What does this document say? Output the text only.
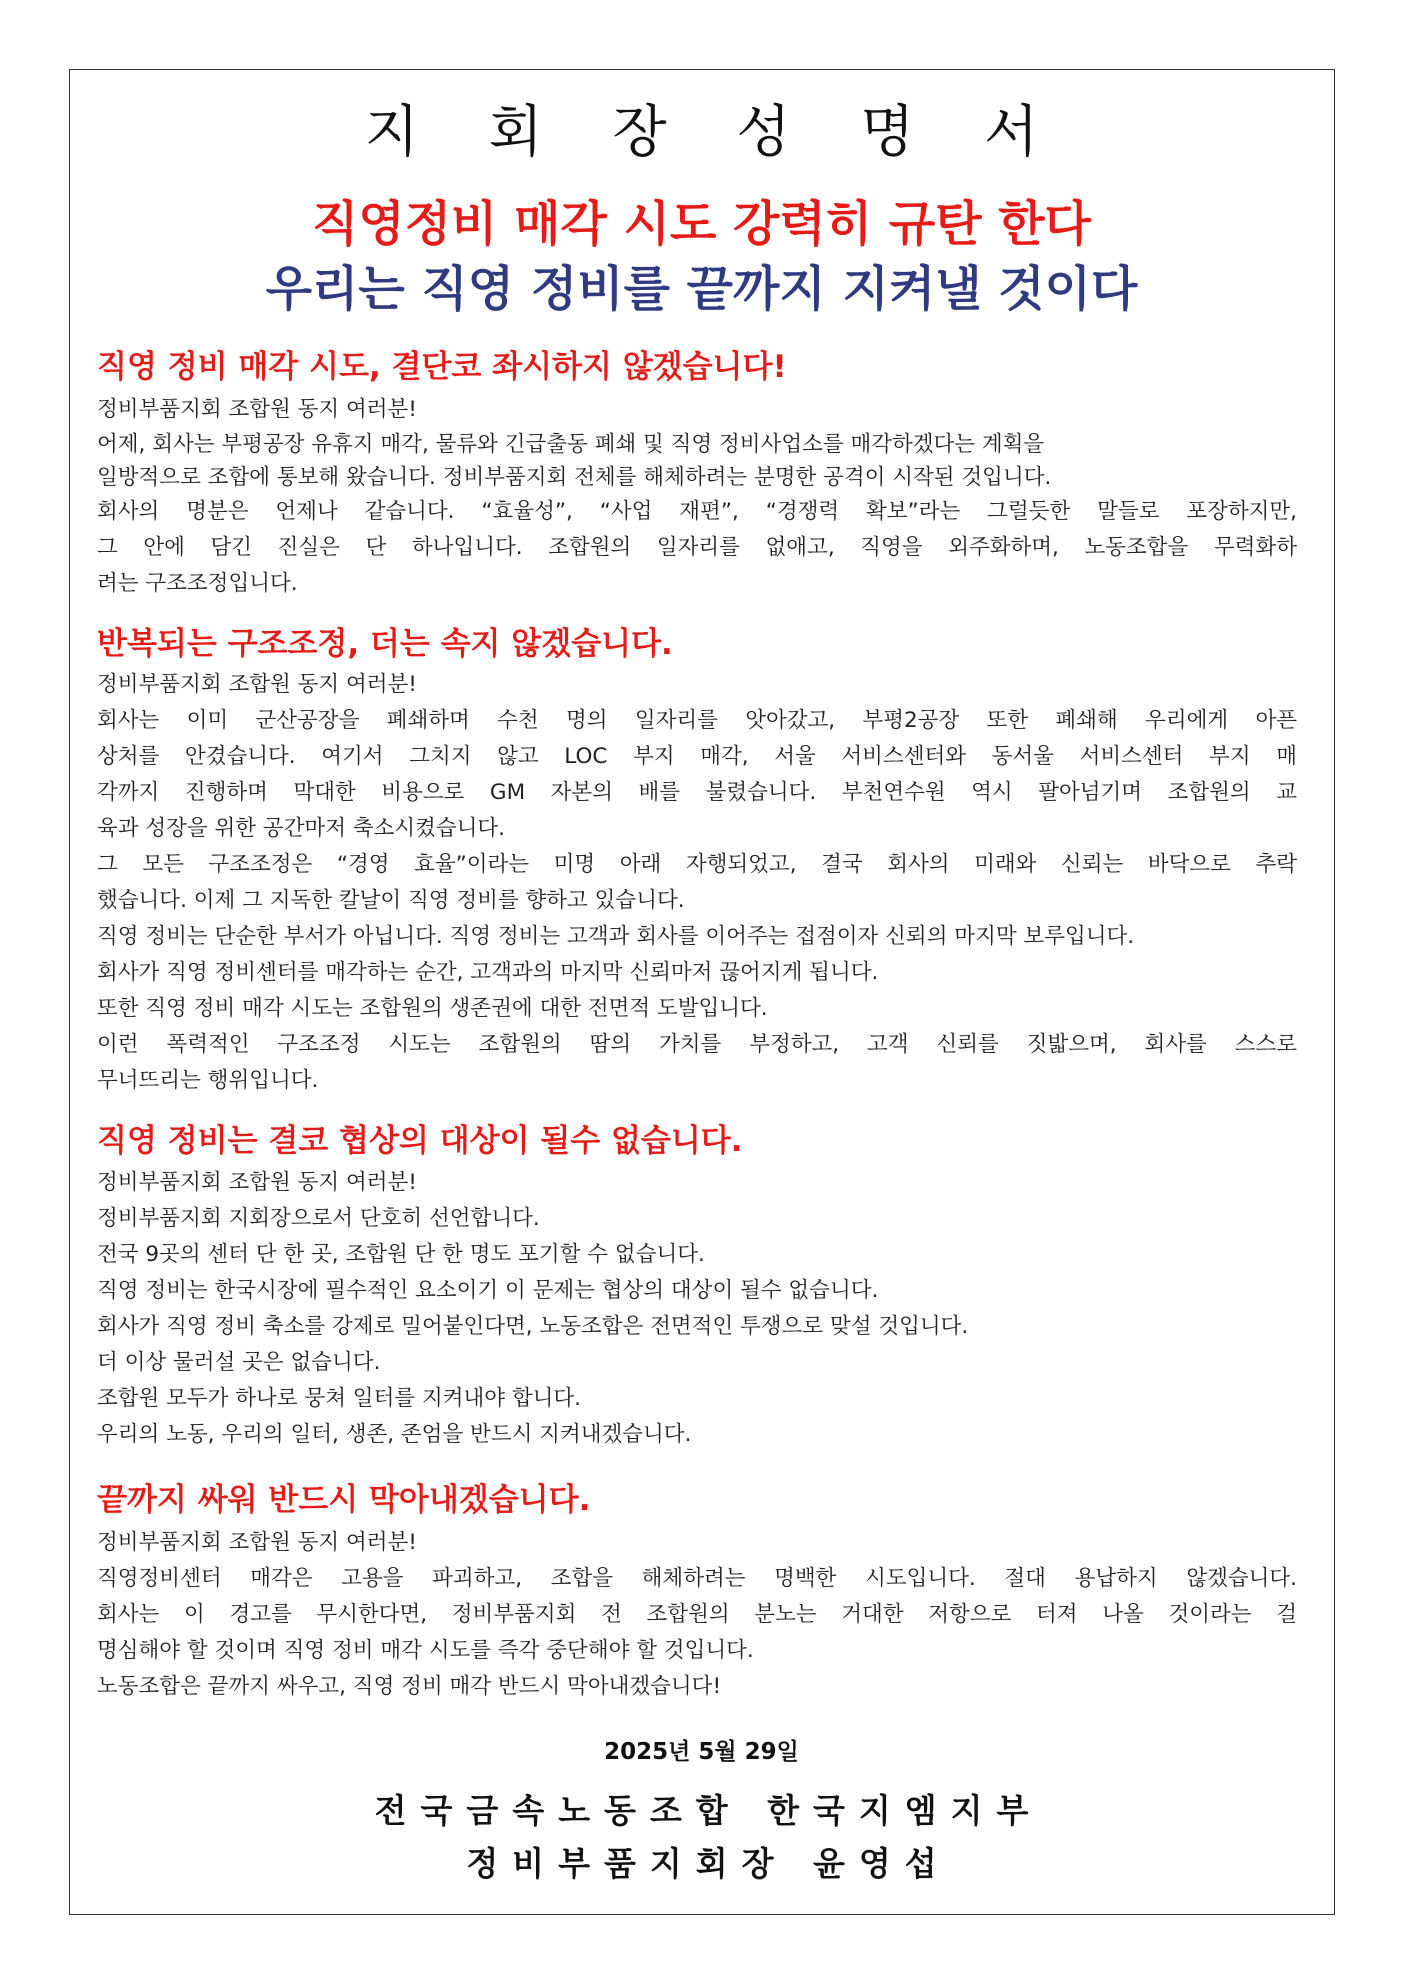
지 회 장 성 명 서
직영정비 매각 시도 강력히 규탄 한다
우리는 직영 정비를 끝까지 지켜낼 것이다
직영 정비 매각 시도, 결단코 좌시하지 않겠습니다!
정비부품지회 조합원 동지 여러분!
어제, 회사는 부평공장 유휴지 매각, 물류와 긴급출동 폐쇄 및 직영 정비사업소를 매각하겠다는 계획을
일방적으로 조합에 통보해 왔습니다. 정비부품지회 전체를 해체하려는 분명한 공격이 시작된 것입니다.
회사의 명분은 언제나 같습니다. “효율성”, “사업 재편”, “경쟁력 확보”라는 그럴듯한 말들로 포장하지만,
그 안에 담긴 진실은 단 하나입니다. 조합원의 일자리를 없애고, 직영을 외주화하며, 노동조합을 무력화하
려는 구조조정입니다.
반복되는 구조조정, 더는 속지 않겠습니다.
정비부품지회 조합원 동지 여러분!
회사는 이미 군산공장을 폐쇄하며 수천 명의 일자리를 앗아갔고, 부평2공장 또한 폐쇄해 우리에게 아픈
상처를 안겼습니다. 여기서 그치지 않고 LOC 부지 매각, 서울 서비스센터와 동서울 서비스센터 부지 매
각까지 진행하며 막대한 비용으로 GM 자본의 배를 불렸습니다. 부천연수원 역시 팔아넘기며 조합원의 교
육과 성장을 위한 공간마저 축소시켰습니다.
그 모든 구조조정은 “경영 효율”이라는 미명 아래 자행되었고, 결국 회사의 미래와 신뢰는 바닥으로 추락
했습니다. 이제 그 지독한 칼날이 직영 정비를 향하고 있습니다.
직영 정비는 단순한 부서가 아닙니다. 직영 정비는 고객과 회사를 이어주는 접점이자 신뢰의 마지막 보루입니다.
회사가 직영 정비센터를 매각하는 순간, 고객과의 마지막 신뢰마저 끊어지게 됩니다.
또한 직영 정비 매각 시도는 조합원의 생존권에 대한 전면적 도발입니다.
이런 폭력적인 구조조정 시도는 조합원의 땀의 가치를 부정하고, 고객 신뢰를 짓밟으며, 회사를 스스로
무너뜨리는 행위입니다.
직영 정비는 결코 협상의 대상이 될수 없습니다.
정비부품지회 조합원 동지 여러분!
정비부품지회 지회장으로서 단호히 선언합니다.
전국 9곳의 센터 단 한 곳, 조합원 단 한 명도 포기할 수 없습니다.
직영 정비는 한국시장에 필수적인 요소이기 이 문제는 협상의 대상이 될수 없습니다.
회사가 직영 정비 축소를 강제로 밀어붙인다면, 노동조합은 전면적인 투쟁으로 맞설 것입니다.
더 이상 물러설 곳은 없습니다.
조합원 모두가 하나로 뭉쳐 일터를 지켜내야 합니다.
우리의 노동, 우리의 일터, 생존, 존엄을 반드시 지켜내겠습니다.
끝까지 싸워 반드시 막아내겠습니다.
정비부품지회 조합원 동지 여러분!
직영정비센터 매각은 고용을 파괴하고, 조합을 해체하려는 명백한 시도입니다. 절대 용납하지 않겠습니다.
회사는 이 경고를 무시한다면, 정비부품지회 전 조합원의 분노는 거대한 저항으로 터져 나올 것이라는 걸
명심해야 할 것이며 직영 정비 매각 시도를 즉각 중단해야 할 것입니다.
노동조합은 끝까지 싸우고, 직영 정비 매각 반드시 막아내겠습니다!
2025년 5월 29일
전국금속노동조합 한국지엠지부
정비부품지회장 윤영섭
